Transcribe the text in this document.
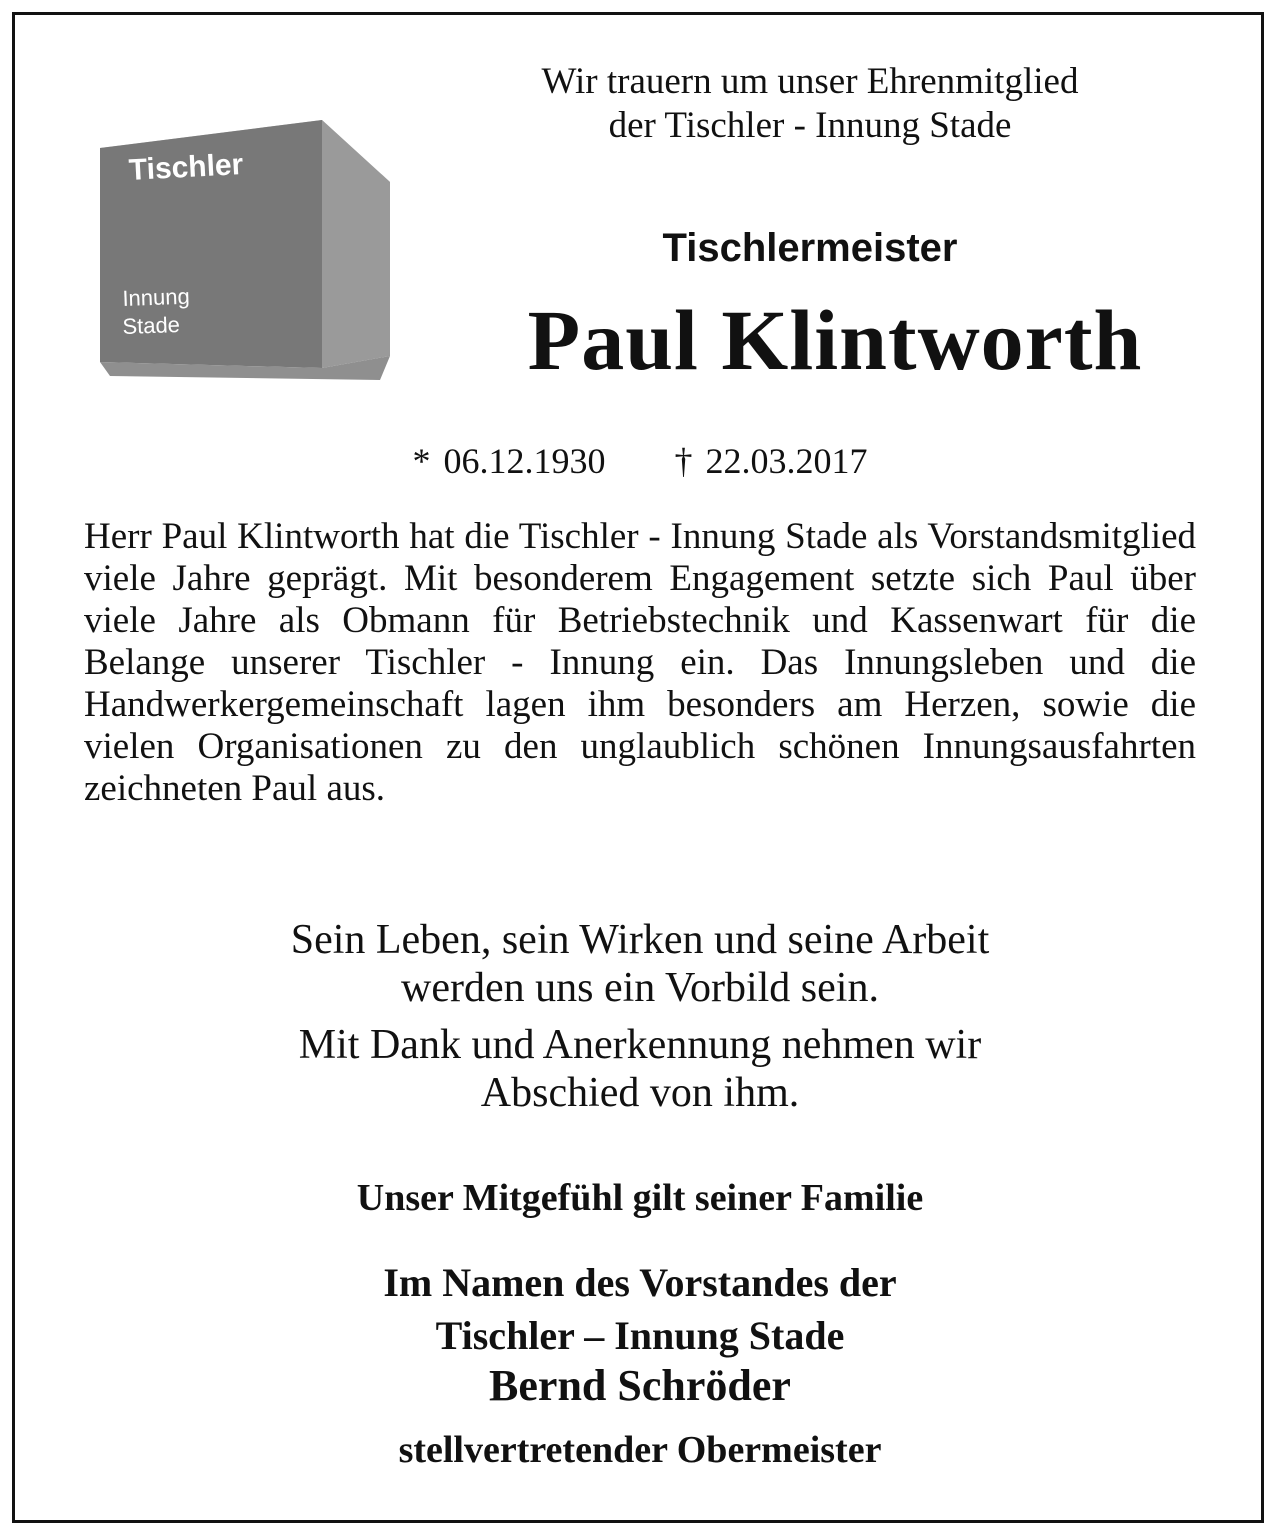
Tischler
Innung
Stade
Wir trauern um unser Ehrenmitglied
der Tischler - Innung Stade
Tischlermeister
Paul Klintworth
* 06.12.1930 † 22.03.2017
Herr Paul Klintworth hat die Tischler - Innung Stade als Vorstandsmitglied viele Jahre geprägt. Mit besonderem Engagement setzte sich Paul über viele Jahre als Obmann für Betriebstechnik und Kassenwart für die Belange unserer Tischler - Innung ein. Das Innungsleben und die Handwerkergemeinschaft lagen ihm besonders am Herzen, sowie die vielen Organisationen zu den unglaublich schönen Innungsausfahrten zeichneten Paul aus.
Sein Leben, sein Wirken und seine Arbeit
werden uns ein Vorbild sein.
Mit Dank und Anerkennung nehmen wir
Abschied von ihm.
Unser Mitgefühl gilt seiner Familie
Im Namen des Vorstandes der
Tischler – Innung Stade
Bernd Schröder
stellvertretender Obermeister
